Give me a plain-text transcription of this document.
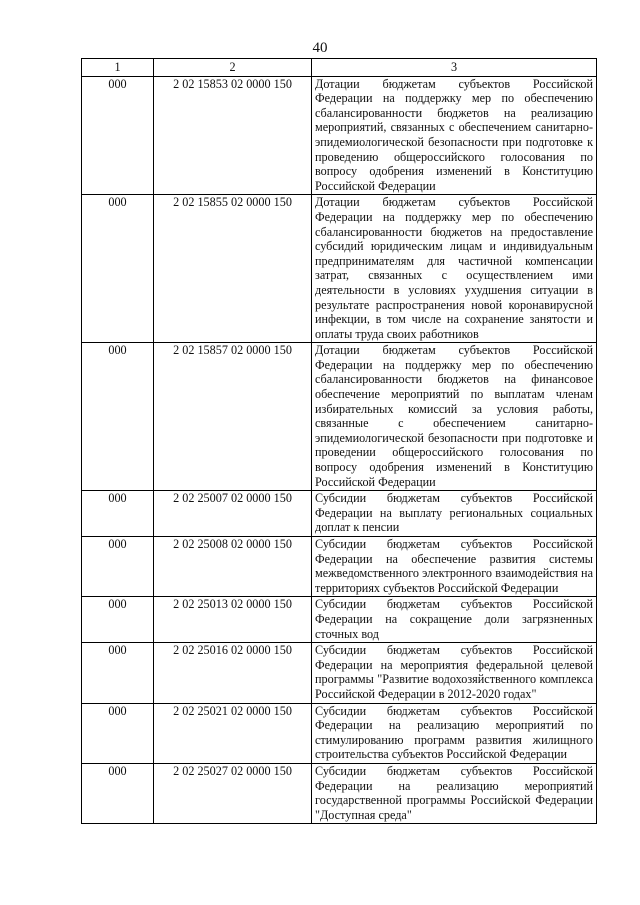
40
1	2	3
000	2 02 15853 02 0000 150	Дотации бюджетам субъектов Российской Федерации на поддержку мер по обеспечению сбалансированности бюджетов на реализацию мероприятий, связанных с обеспечением санитарно-эпидемиологической безопасности при подготовке к проведению общероссийского голосования по вопросу одобрения изменений в Конституцию Российской Федерации
000	2 02 15855 02 0000 150	Дотации бюджетам субъектов Российской Федерации на поддержку мер по обеспечению сбалансированности бюджетов на предоставление субсидий юридическим лицам и индивидуальным предпринимателям для частичной компенсации затрат, связанных с осуществлением ими деятельности в условиях ухудшения ситуации в результате распространения новой коронавирусной инфекции, в том числе на сохранение занятости и оплаты труда своих работников
000	2 02 15857 02 0000 150	Дотации бюджетам субъектов Российской Федерации на поддержку мер по обеспечению сбалансированности бюджетов на финансовое обеспечение мероприятий по выплатам членам избирательных комиссий за условия работы, связанные с обеспечением санитарно-эпидемиологической безопасности при подготовке и проведении общероссийского голосования по вопросу одобрения изменений в Конституцию Российской Федерации
000	2 02 25007 02 0000 150	Субсидии бюджетам субъектов Российской Федерации на выплату региональных социальных доплат к пенсии
000	2 02 25008 02 0000 150	Субсидии бюджетам субъектов Российской Федерации на обеспечение развития системы межведомственного электронного взаимодействия на территориях субъектов Российской Федерации
000	2 02 25013 02 0000 150	Субсидии бюджетам субъектов Российской Федерации на сокращение доли загрязненных сточных вод
000	2 02 25016 02 0000 150	Субсидии бюджетам субъектов Российской Федерации на мероприятия федеральной целевой программы "Развитие водохозяйственного комплекса Российской Федерации в 2012-2020 годах"
000	2 02 25021 02 0000 150	Субсидии бюджетам субъектов Российской Федерации на реализацию мероприятий по стимулированию программ развития жилищного строительства субъектов Российской Федерации
000	2 02 25027 02 0000 150	Субсидии бюджетам субъектов Российской Федерации на реализацию мероприятий государственной программы Российской Федерации "Доступная среда"
